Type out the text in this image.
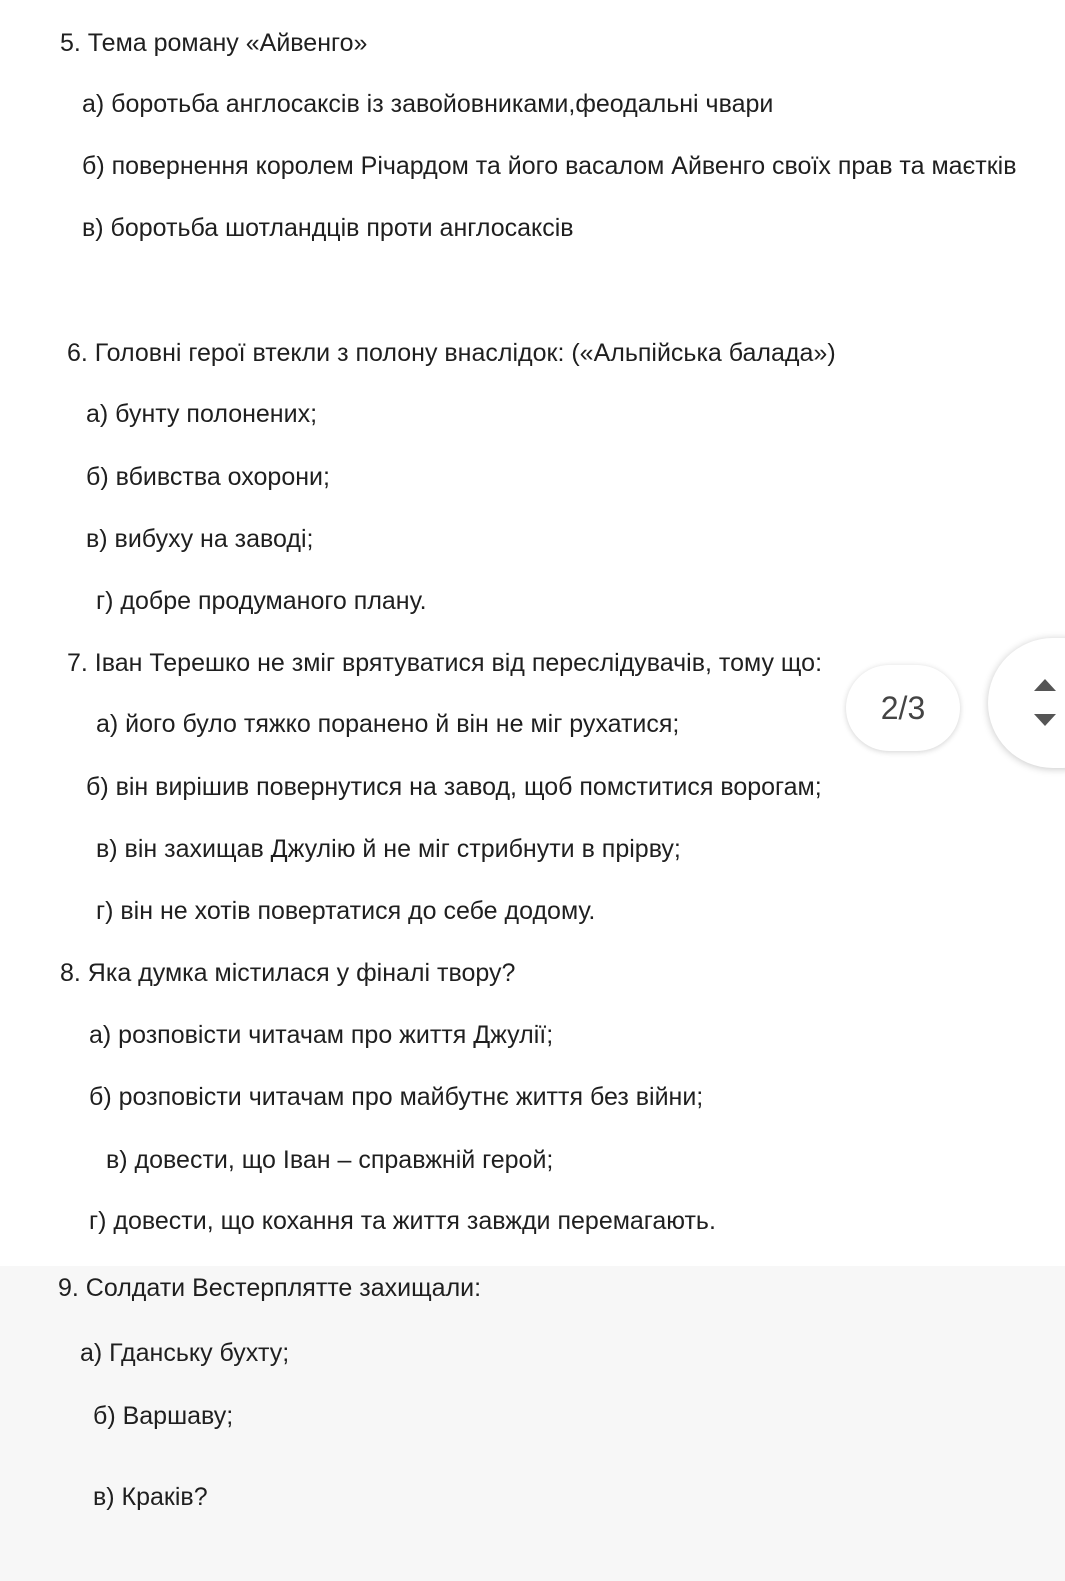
5. Тема роману «Айвенго»
а) боротьба англосаксів із завойовниками,феодальні чвари
б) повернення королем Річардом та його васалом Айвенго своїх прав та маєтків
в) боротьба шотландців проти англосаксів
6. Головні герої втекли з полону внаслідок: («Альпійська балада»)
а) бунту полонених;
б) вбивства охорони;
в) вибуху на заводі;
г) добре продуманого плану.
7. Іван Терешко не зміг врятуватися від переслідувачів, тому що:
а) його було тяжко поранено й він не міг рухатися;
б) він вирішив повернутися на завод, щоб помститися ворогам;
в) він захищав Джулію й не міг стрибнути в прірву;
г) він не хотів повертатися до себе додому.
8. Яка думка містилася у фіналі твору?
а) розповісти читачам про життя Джулії;
б) розповісти читачам про майбутнє життя без війни;
в) довести, що Іван – справжній герой;
г) довести, що кохання та життя завжди перемагають.
9. Солдати Вестерплятте захищали:
а) Гданську бухту;
б) Варшаву;
в) Краків?
2/3
